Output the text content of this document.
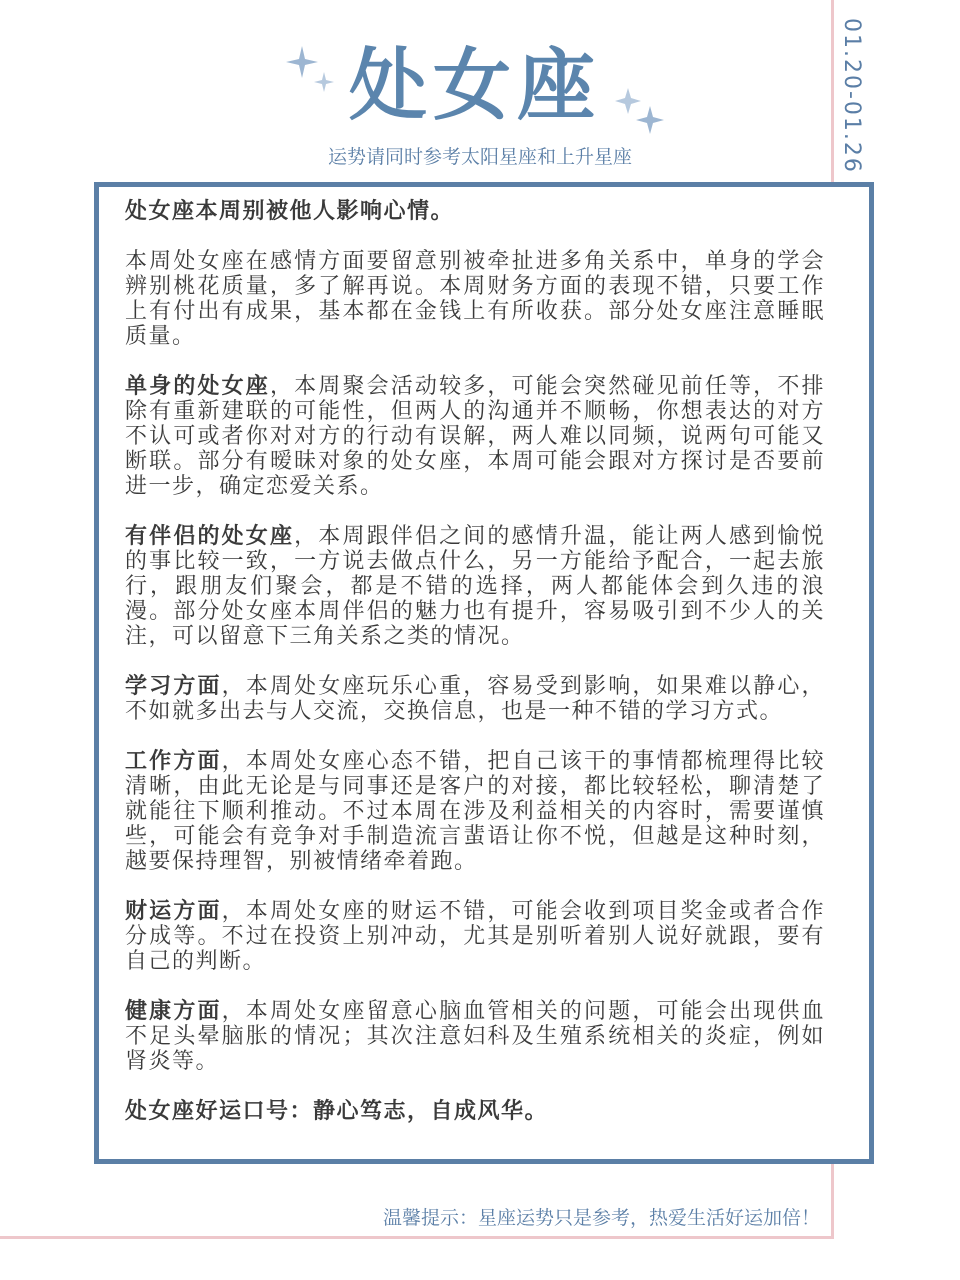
01.20-01.26
处女座
运势请同时参考太阳星座和上升星座

处女座本周别被他人影响心情。

本周处女座在感情方面要留意别被牵扯进多角关系中，单身的学会辨别桃花质量，多了解再说。本周财务方面的表现不错，只要工作上有付出有成果，基本都在金钱上有所收获。部分处女座注意睡眠质量。

单身的处女座，本周聚会活动较多，可能会突然碰见前任等，不排除有重新建联的可能性，但两人的沟通并不顺畅，你想表达的对方不认可或者你对对方的行动有误解，两人难以同频，说两句可能又断联。部分有暧昧对象的处女座，本周可能会跟对方探讨是否要前进一步，确定恋爱关系。

有伴侣的处女座，本周跟伴侣之间的感情升温，能让两人感到愉悦的事比较一致，一方说去做点什么，另一方能给予配合，一起去旅行，跟朋友们聚会，都是不错的选择，两人都能体会到久违的浪漫。部分处女座本周伴侣的魅力也有提升，容易吸引到不少人的关注，可以留意下三角关系之类的情况。

学习方面，本周处女座玩乐心重，容易受到影响，如果难以静心，不如就多出去与人交流，交换信息，也是一种不错的学习方式。

工作方面，本周处女座心态不错，把自己该干的事情都梳理得比较清晰，由此无论是与同事还是客户的对接，都比较轻松，聊清楚了就能往下顺利推动。不过本周在涉及利益相关的内容时，需要谨慎些，可能会有竞争对手制造流言蜚语让你不悦，但越是这种时刻，越要保持理智，别被情绪牵着跑。

财运方面，本周处女座的财运不错，可能会收到项目奖金或者合作分成等。不过在投资上别冲动，尤其是别听着别人说好就跟，要有自己的判断。

健康方面，本周处女座留意心脑血管相关的问题，可能会出现供血不足头晕脑胀的情况；其次注意妇科及生殖系统相关的炎症，例如肾炎等。

处女座好运口号：静心笃志，自成风华。

温馨提示：星座运势只是参考，热爱生活好运加倍！
